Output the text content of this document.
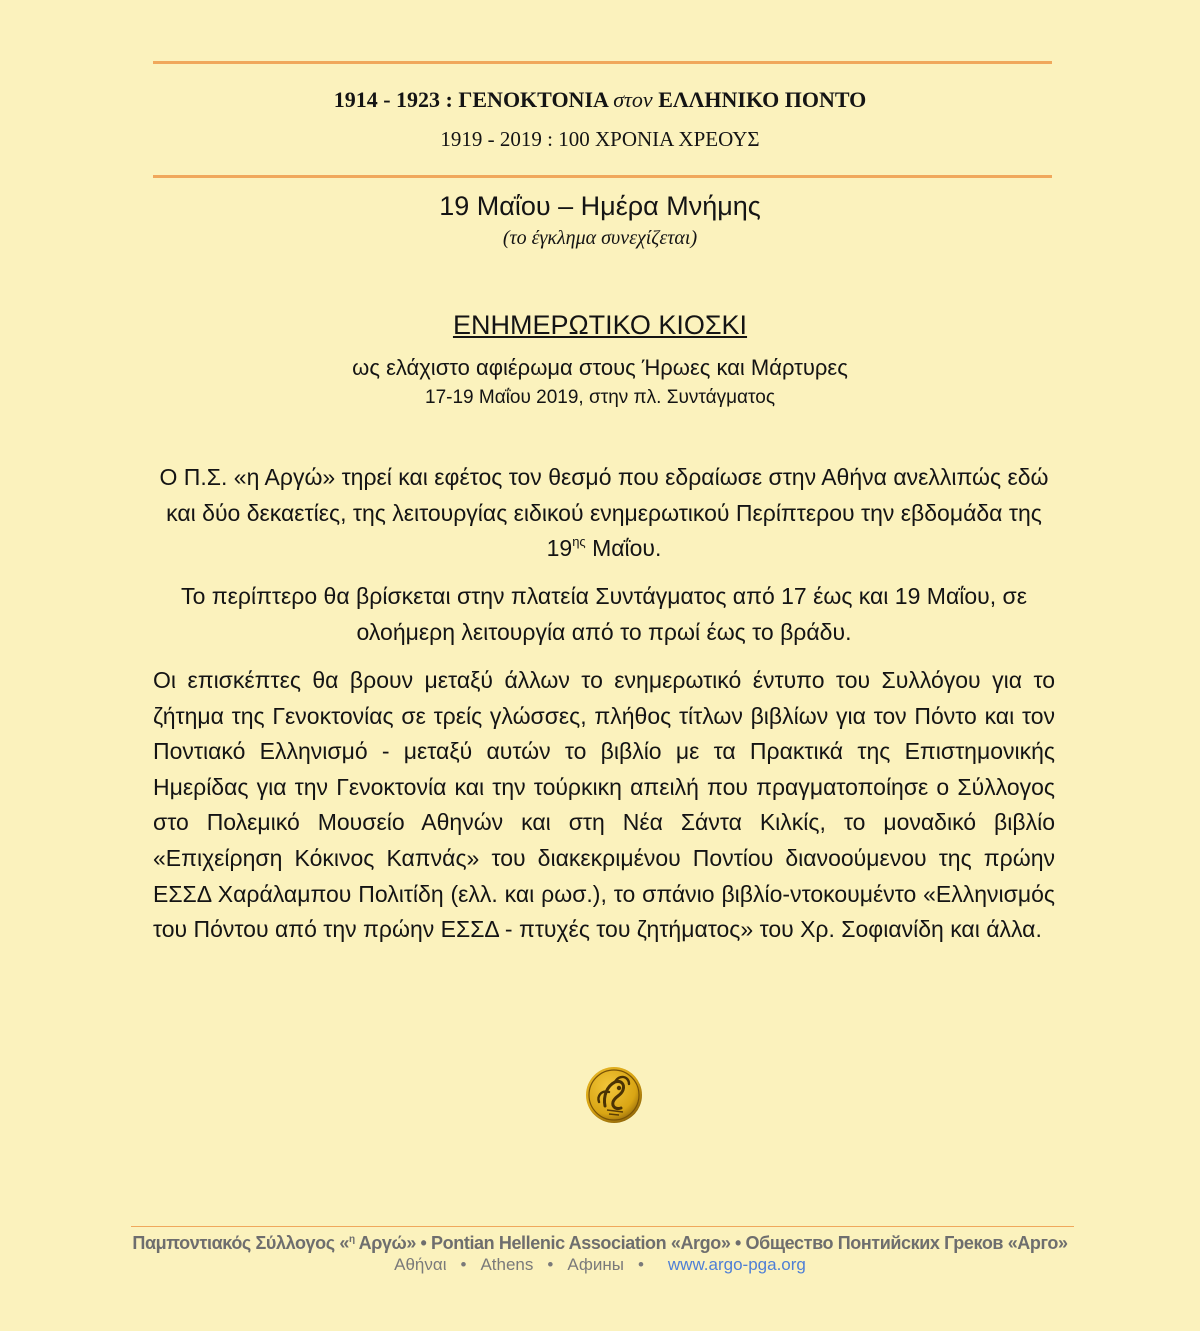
1914 - 1923 : ΓΕΝΟΚΤΟΝΙΑ στον ΕΛΛΗΝΙΚΟ ΠΟΝΤΟ
1919 - 2019 : 100 ΧΡΟΝΙΑ ΧΡΕΟΥΣ
19 Μαΐου – Ημέρα Μνήμης
(το έγκλημα συνεχίζεται)
ΕΝΗΜΕΡΩΤΙΚΟ ΚΙΟΣΚΙ
ως ελάχιστο αφιέρωμα στους Ήρωες και Μάρτυρες
17-19 Μαΐου 2019, στην πλ. Συντάγματος
Ο Π.Σ. «η Αργώ» τηρεί και εφέτος τον θεσμό που εδραίωσε στην Αθήνα ανελλιπώς εδώ και δύο δεκαετίες, της λειτουργίας ειδικού ενημερωτικού Περίπτερου την εβδομάδα της $19^{\eta\varsigma}$ Μαΐου.
Το περίπτερο θα βρίσκεται στην πλατεία Συντάγματος από 17 έως και 19 Μαΐου, σε ολοήμερη λειτουργία από το πρωί έως το βράδυ.
Οι επισκέπτες θα βρουν μεταξύ άλλων το ενημερωτικό έντυπο του Συλλόγου για το ζήτημα της Γενοκτονίας σε τρείς γλώσσες, πλήθος τίτλων βιβλίων για τον Πόντο και τον Ποντιακό Ελληνισμό - μεταξύ αυτών το βιβλίο με τα Πρακτικά της Επιστημονικής Ημερίδας για την Γενοκτονία και την τούρκικη απειλή που πραγματοποίησε ο Σύλλογος στο Πολεμικό Μουσείο Αθηνών και στη Νέα Σάντα Κιλκίς, το μοναδικό βιβλίο «Επιχείρηση Κόκινος Καπνάς» του διακεκριμένου Ποντίου διανοούμενου της πρώην ΕΣΣΔ Χαράλαμπου Πολιτίδη (ελλ. και ρωσ.), το σπάνιο βιβλίο-ντοκουμέντο «Ελληνισμός του Πόντου από την πρώην ΕΣΣΔ - πτυχές του ζητήματος» του Χρ. Σοφιανίδη και άλλα.
Παμποντιακός Σύλλογος «$^\eta$ Αργώ» • Pontian Hellenic Association «Argo» • Общество Понтийских Греков «Арго»
Αθήναι • Athens • Афины • www.argo-pga.org
